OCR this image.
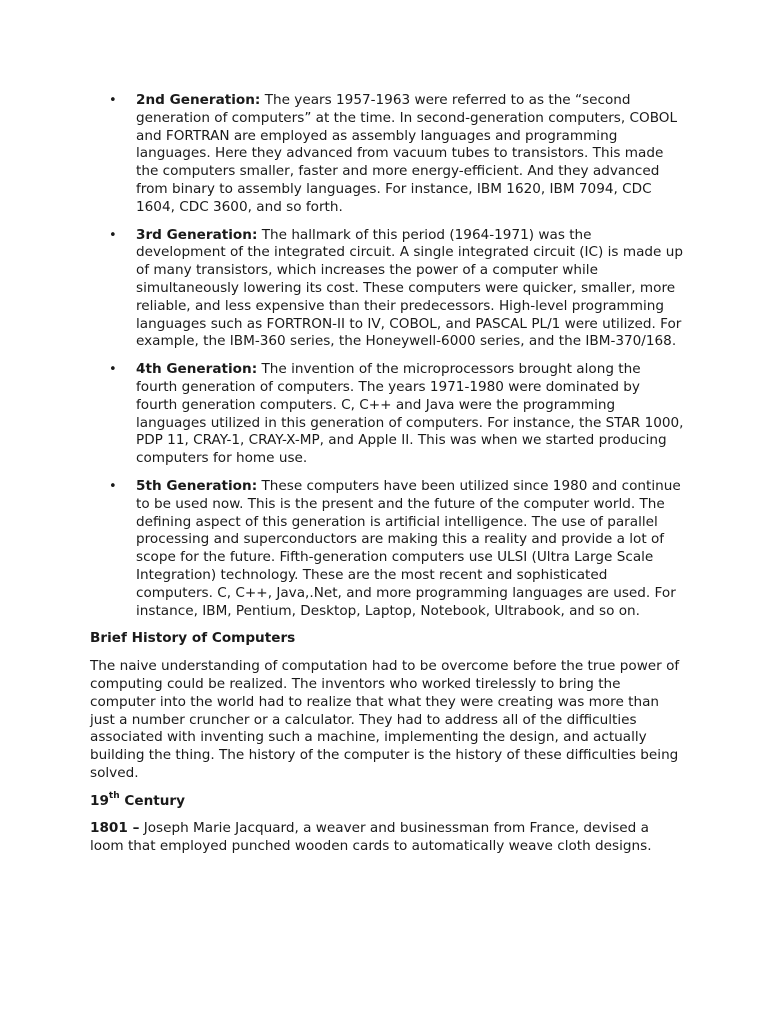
• 2nd Generation: The years 1957-1963 were referred to as the “second generation of computers” at the time. In second-generation computers, COBOL and FORTRAN are employed as assembly languages and programming languages. Here they advanced from vacuum tubes to transistors. This made the computers smaller, faster and more energy-efficient. And they advanced from binary to assembly languages. For instance, IBM 1620, IBM 7094, CDC 1604, CDC 3600, and so forth.
• 3rd Generation: The hallmark of this period (1964-1971) was the development of the integrated circuit. A single integrated circuit (IC) is made up of many transistors, which increases the power of a computer while simultaneously lowering its cost. These computers were quicker, smaller, more reliable, and less expensive than their predecessors. High-level programming languages such as FORTRON-II to IV, COBOL, and PASCAL PL/1 were utilized. For example, the IBM-360 series, the Honeywell-6000 series, and the IBM-370/168.
• 4th Generation: The invention of the microprocessors brought along the fourth generation of computers. The years 1971-1980 were dominated by fourth generation computers. C, C++ and Java were the programming languages utilized in this generation of computers. For instance, the STAR 1000, PDP 11, CRAY-1, CRAY-X-MP, and Apple II. This was when we started producing computers for home use.
• 5th Generation: These computers have been utilized since 1980 and continue to be used now. This is the present and the future of the computer world. The defining aspect of this generation is artificial intelligence. The use of parallel processing and superconductors are making this a reality and provide a lot of scope for the future. Fifth-generation computers use ULSI (Ultra Large Scale Integration) technology. These are the most recent and sophisticated computers. C, C++, Java,.Net, and more programming languages are used. For instance, IBM, Pentium, Desktop, Laptop, Notebook, Ultrabook, and so on.
Brief History of Computers

The naive understanding of computation had to be overcome before the true power of computing could be realized. The inventors who worked tirelessly to bring the computer into the world had to realize that what they were creating was more than just a number cruncher or a calculator. They had to address all of the difficulties associated with inventing such a machine, implementing the design, and actually building the thing. The history of the computer is the history of these difficulties being solved.

19th Century

1801 – Joseph Marie Jacquard, a weaver and businessman from France, devised a loom that employed punched wooden cards to automatically weave cloth designs.
